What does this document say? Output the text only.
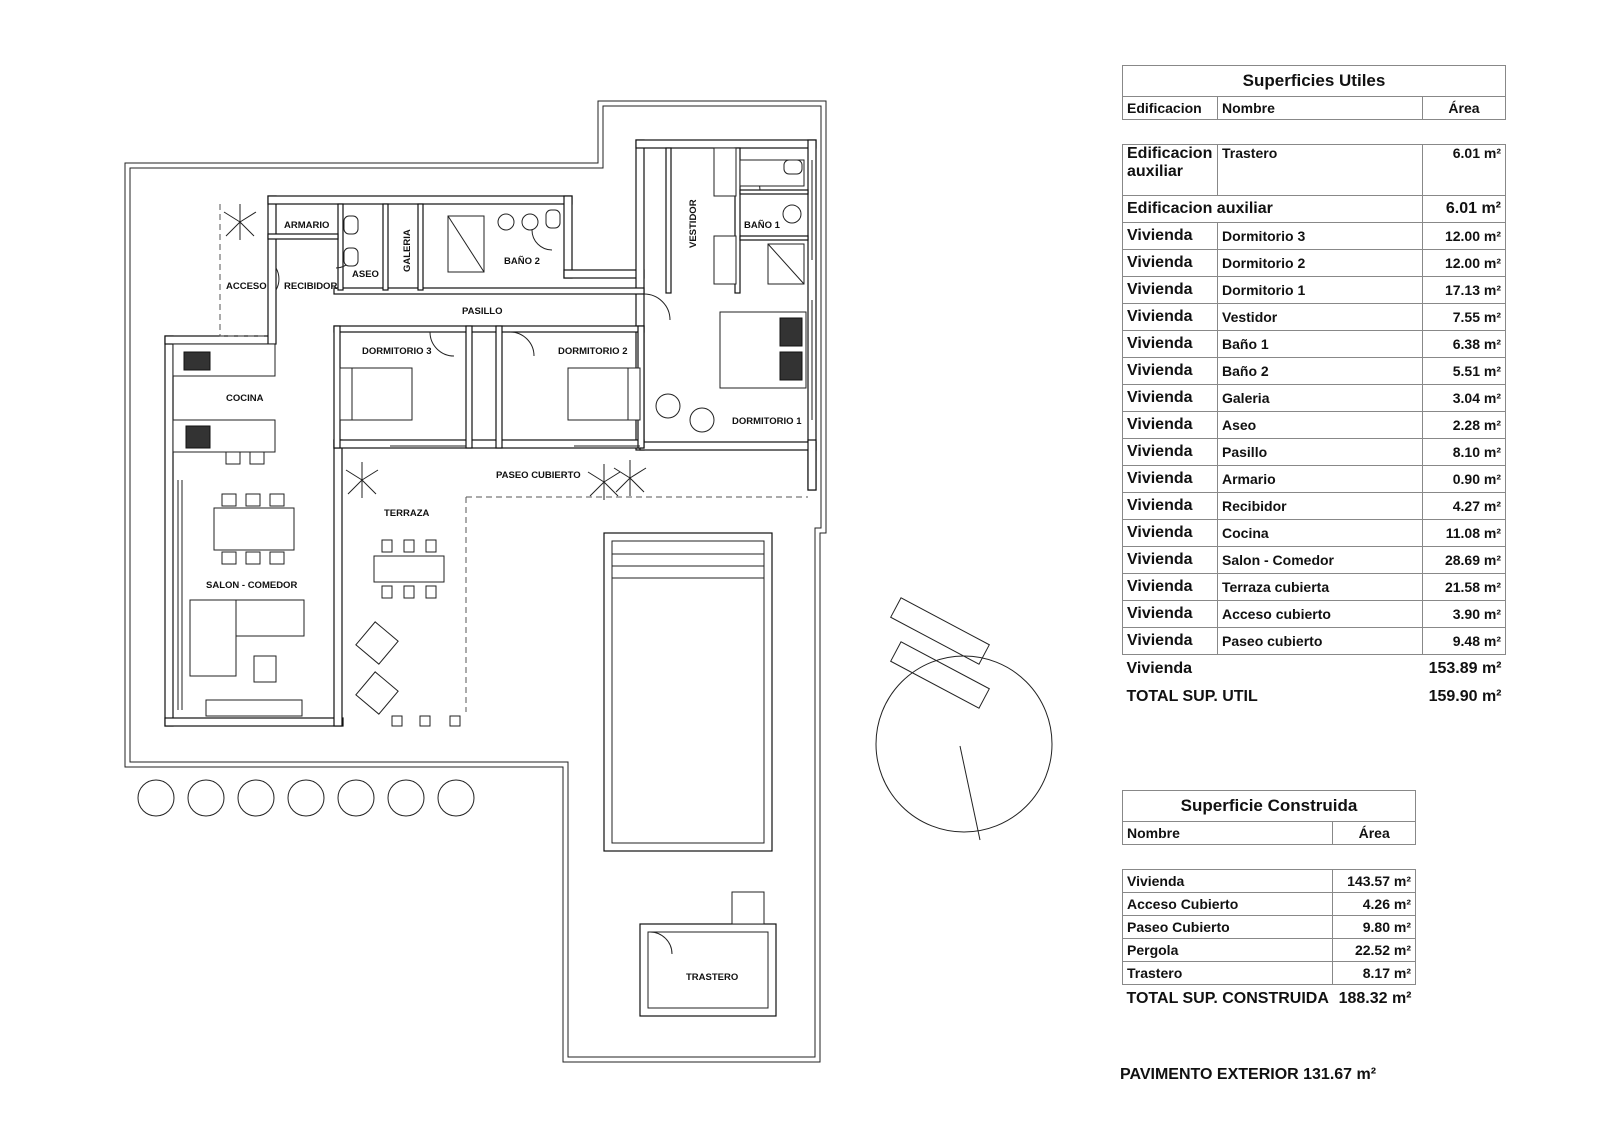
ARMARIO
ACCESO RECIBIDOR
ASEO
GALERIA	BAÑO 2
VESTIDOR	BAÑO 1
PASILLO
DORMITORIO 3	DORMITORIO 2
DORMITORIO 1
COCINA
PASEO CUBIERTO
TERRAZA
SALON - COMEDOR
TRASTERO
Superficies Utiles		
Edificacion	Nombre	Área

Edificacion auxiliar	Trastero	6.01 m²
Edificacion auxiliar		6.01 m²
Vivienda	Dormitorio 3	12.00 m²
Vivienda	Dormitorio 2	12.00 m²
Vivienda	Dormitorio 1	17.13 m²
Vivienda	Vestidor	7.55 m²
Vivienda	Baño 1	6.38 m²
Vivienda	Baño 2	5.51 m²
Vivienda	Galeria	3.04 m²
Vivienda	Aseo	2.28 m²
Vivienda	Pasillo	8.10 m²
Vivienda	Armario	0.90 m²
Vivienda	Recibidor	4.27 m²
Vivienda	Cocina	11.08 m²
Vivienda	Salon - Comedor	28.69 m²
Vivienda	Terraza cubierta	21.58 m²
Vivienda	Acceso cubierto	3.90 m²
Vivienda	Paseo cubierto	9.48 m²
Vivienda		153.89 m²
TOTAL SUP. UTIL		159.90 m²
Superficie Construida	
Nombre	Área

Vivienda	143.57 m²
Acceso Cubierto	4.26 m²
Paseo Cubierto	9.80 m²
Pergola	22.52 m²
Trastero	8.17 m²
TOTAL SUP. CONSTRUIDA	188.32 m²
PAVIMENTO EXTERIOR 131.67 m²
